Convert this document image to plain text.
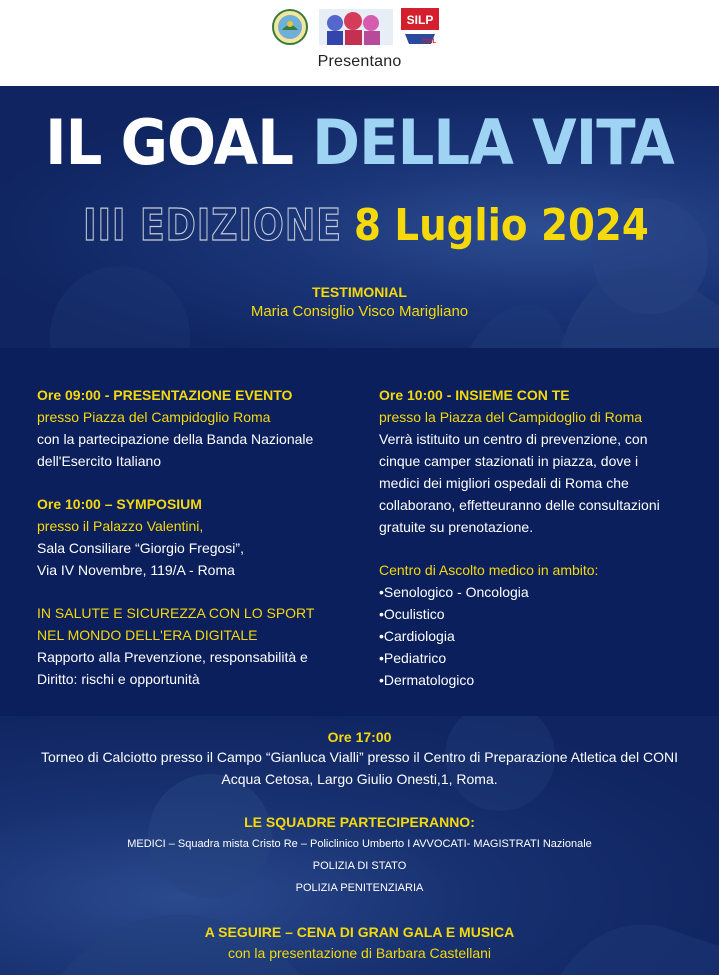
SILP
CGIL
Presentano
IL GOAL DELLA VITA
III EDIZIONE 8 Luglio 2024
TESTIMONIAL
Maria Consiglio Visco Marigliano
Ore 09:00 - PRESENTAZIONE EVENTO
presso Piazza del Campidoglio Roma
con la partecipazione della Banda Nazionale
dell'Esercito Italiano
Ore 10:00 – SYMPOSIUM
presso il Palazzo Valentini,
Sala Consiliare “Giorgio Fregosi”,
Via IV Novembre, 119/A - Roma
IN SALUTE E SICUREZZA CON LO SPORT
NEL MONDO DELL'ERA DIGITALE
Rapporto alla Prevenzione, responsabilità e
Diritto: rischi e opportunità
Ore 10:00 - INSIEME CON TE
presso la Piazza del Campidoglio di Roma
Verrà istituito un centro di prevenzione, con
cinque camper stazionati in piazza, dove i
medici dei migliori ospedali di Roma che
collaborano, effetteuranno delle consultazioni
gratuite su prenotazione.
Centro di Ascolto medico in ambito:
• Senologico - Oncologia
• Oculistico
• Cardiologia
• Pediatrico
• Dermatologico
Ore 17:00
Torneo di Calciotto presso il Campo “Gianluca Vialli” presso il Centro di Preparazione Atletica del CONI
Acqua Cetosa, Largo Giulio Onesti,1, Roma.
LE SQUADRE PARTECIPERANNO:
MEDICI – Squadra mista Cristo Re – Policlinico Umberto I AVVOCATI- MAGISTRATI Nazionale
POLIZIA DI STATO
POLIZIA PENITENZIARIA
A SEGUIRE – CENA DI GRAN GALA E MUSICA
con la presentazione di Barbara Castellani
